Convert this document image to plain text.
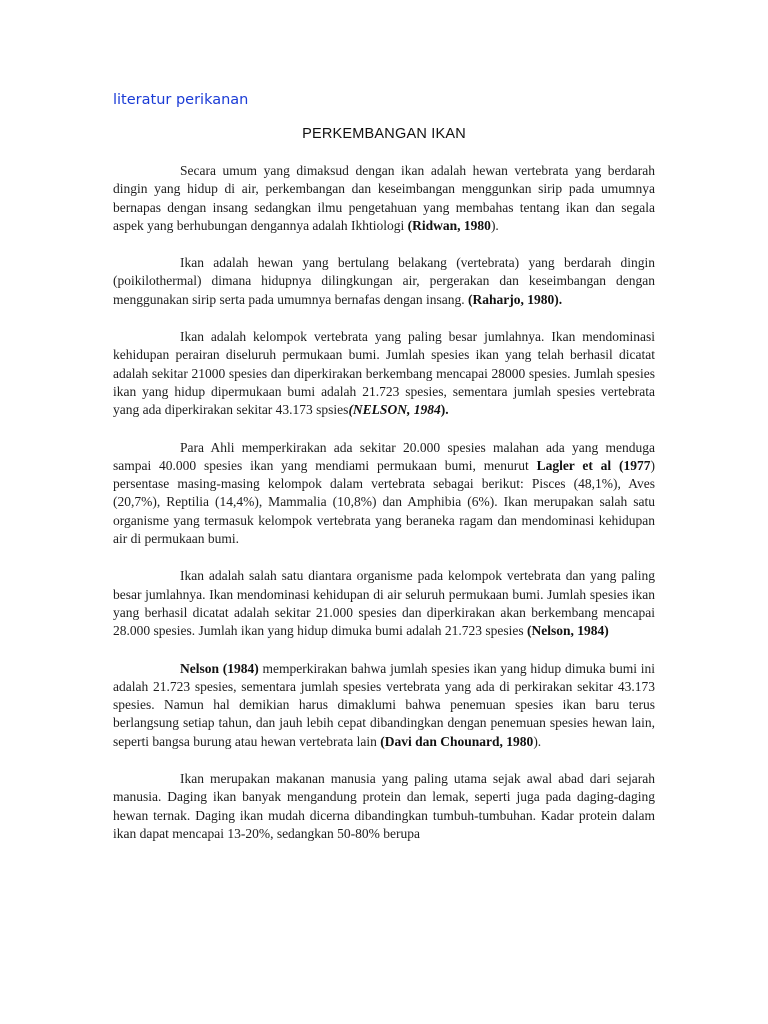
literatur perikanan
PERKEMBANGAN IKAN

Secara umum yang dimaksud dengan ikan adalah hewan vertebrata yang berdarah dingin yang hidup di air, perkembangan dan keseimbangan menggunkan sirip pada umumnya bernapas dengan insang sedangkan ilmu pengetahuan yang membahas tentang ikan dan segala aspek yang berhubungan dengannya adalah Ikhtiologi (Ridwan, 1980).

Ikan adalah hewan yang bertulang belakang (vertebrata) yang berdarah dingin (poikilothermal) dimana hidupnya dilingkungan air, pergerakan dan keseimbangan dengan menggunakan sirip serta pada umumnya bernafas dengan insang. (Raharjo, 1980).

Ikan adalah kelompok vertebrata yang paling besar jumlahnya. Ikan mendominasi kehidupan perairan diseluruh permukaan bumi. Jumlah spesies ikan yang telah berhasil dicatat adalah sekitar 21000 spesies dan diperkirakan berkembang mencapai 28000 spesies. Jumlah spesies ikan yang hidup dipermukaan bumi adalah 21.723 spesies, sementara jumlah spesies vertebrata yang ada diperkirakan sekitar 43.173 spsies(NELSON, 1984).

Para Ahli memperkirakan ada sekitar 20.000 spesies malahan ada yang menduga sampai 40.000 spesies ikan yang mendiami permukaan bumi, menurut Lagler et al (1977) persentase masing-masing kelompok dalam vertebrata sebagai berikut: Pisces (48,1%), Aves (20,7%), Reptilia (14,4%), Mammalia (10,8%) dan Amphibia (6%). Ikan merupakan salah satu organisme yang termasuk kelompok vertebrata yang beraneka ragam dan mendominasi kehidupan air di permukaan bumi.

Ikan adalah salah satu diantara organisme pada kelompok vertebrata dan yang paling besar jumlahnya. Ikan mendominasi kehidupan di air seluruh permukaan bumi. Jumlah spesies ikan yang berhasil dicatat adalah sekitar 21.000 spesies dan diperkirakan akan berkembang mencapai 28.000 spesies. Jumlah ikan yang hidup dimuka bumi adalah 21.723 spesies (Nelson, 1984)

Nelson (1984) memperkirakan bahwa jumlah spesies ikan yang hidup dimuka bumi ini adalah 21.723 spesies, sementara jumlah spesies vertebrata yang ada di perkirakan sekitar 43.173 spesies. Namun hal demikian harus dimaklumi bahwa penemuan spesies ikan baru terus berlangsung setiap tahun, dan jauh lebih cepat dibandingkan dengan penemuan spesies hewan lain, seperti bangsa burung atau hewan vertebrata lain (Davi dan Chounard, 1980).

Ikan merupakan makanan manusia yang paling utama sejak awal abad dari sejarah manusia. Daging ikan banyak mengandung protein dan lemak, seperti juga pada daging-daging hewan ternak. Daging ikan mudah dicerna dibandingkan tumbuh-tumbuhan. Kadar protein dalam ikan dapat mencapai 13-20%, sedangkan 50-80% berupa
